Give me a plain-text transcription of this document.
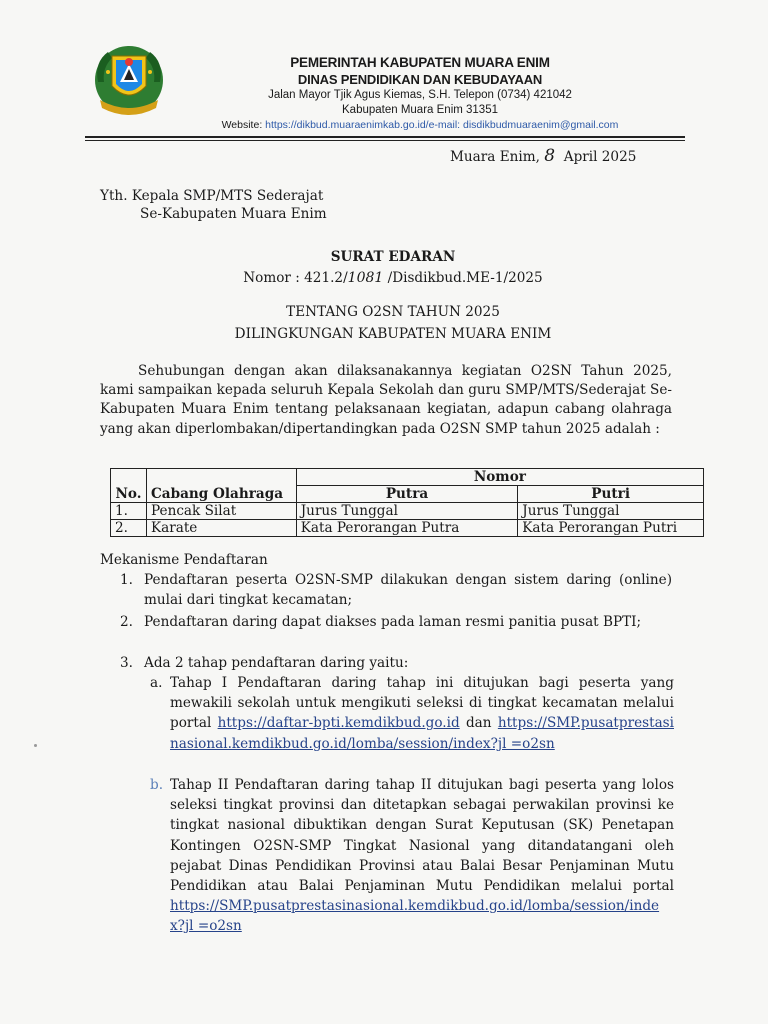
PEMERINTAH KABUPATEN MUARA ENIM
DINAS PENDIDIKAN DAN KEBUDAYAAN
Jalan Mayor Tjik Agus Kiemas, S.H. Telepon (0734) 421042
Kabupaten Muara Enim 31351
Website: https://dikbud.muaraenimkab.go.id/e-mail: disdikbudmuaraenim@gmail.com
Muara Enim, 8 April 2025
Yth. Kepala SMP/MTS Sederajat
Se-Kabupaten Muara Enim
SURAT EDARAN
Nomor : 421.2/1081 /Disdikbud.ME-1/2025
TENTANG O2SN TAHUN 2025
DILINGKUNGAN KABUPATEN MUARA ENIM

Sehubungan dengan akan dilaksanakannya kegiatan O2SN Tahun 2025, kami sampaikan kepada seluruh Kepala Sekolah dan guru SMP/MTS/Sederajat Se-Kabupaten Muara Enim tentang pelaksanaan kegiatan, adapun cabang olahraga yang akan diperlombakan/dipertandingkan pada O2SN SMP tahun 2025 adalah :

No.	Cabang Olahraga	Nomor	
		Putra	Putri
1.	Pencak Silat	Jurus Tunggal	Jurus Tunggal
2.	Karate	Kata Perorangan Putra	Kata Perorangan Putri
Mekanisme Pendaftaran
1. Pendaftaran peserta O2SN-SMP dilakukan dengan sistem daring (online) mulai dari tingkat kecamatan;
2. Pendaftaran daring dapat diakses pada laman resmi panitia pusat BPTI;
3. Ada 2 tahap pendaftaran daring yaitu:
a. Tahap I Pendaftaran daring tahap ini ditujukan bagi peserta yang mewakili sekolah untuk mengikuti seleksi di tingkat kecamatan melalui portal https://daftar-bpti.kemdikbud.go.id dan https://SMP.pusatprestasinasional.kemdikbud.go.id/lomba/session/index?jl =o2sn
b. Tahap II Pendaftaran daring tahap II ditujukan bagi peserta yang lolos seleksi tingkat provinsi dan ditetapkan sebagai perwakilan provinsi ke tingkat nasional dibuktikan dengan Surat Keputusan (SK) Penetapan Kontingen O2SN-SMP Tingkat Nasional yang ditandatangani oleh pejabat Dinas Pendidikan Provinsi atau Balai Besar Penjaminan Mutu Pendidikan atau Balai Penjaminan Mutu Pendidikan melalui portal
https://SMP.pusatprestasinasional.kemdikbud.go.id/lomba/session/index?jl =o2sn
